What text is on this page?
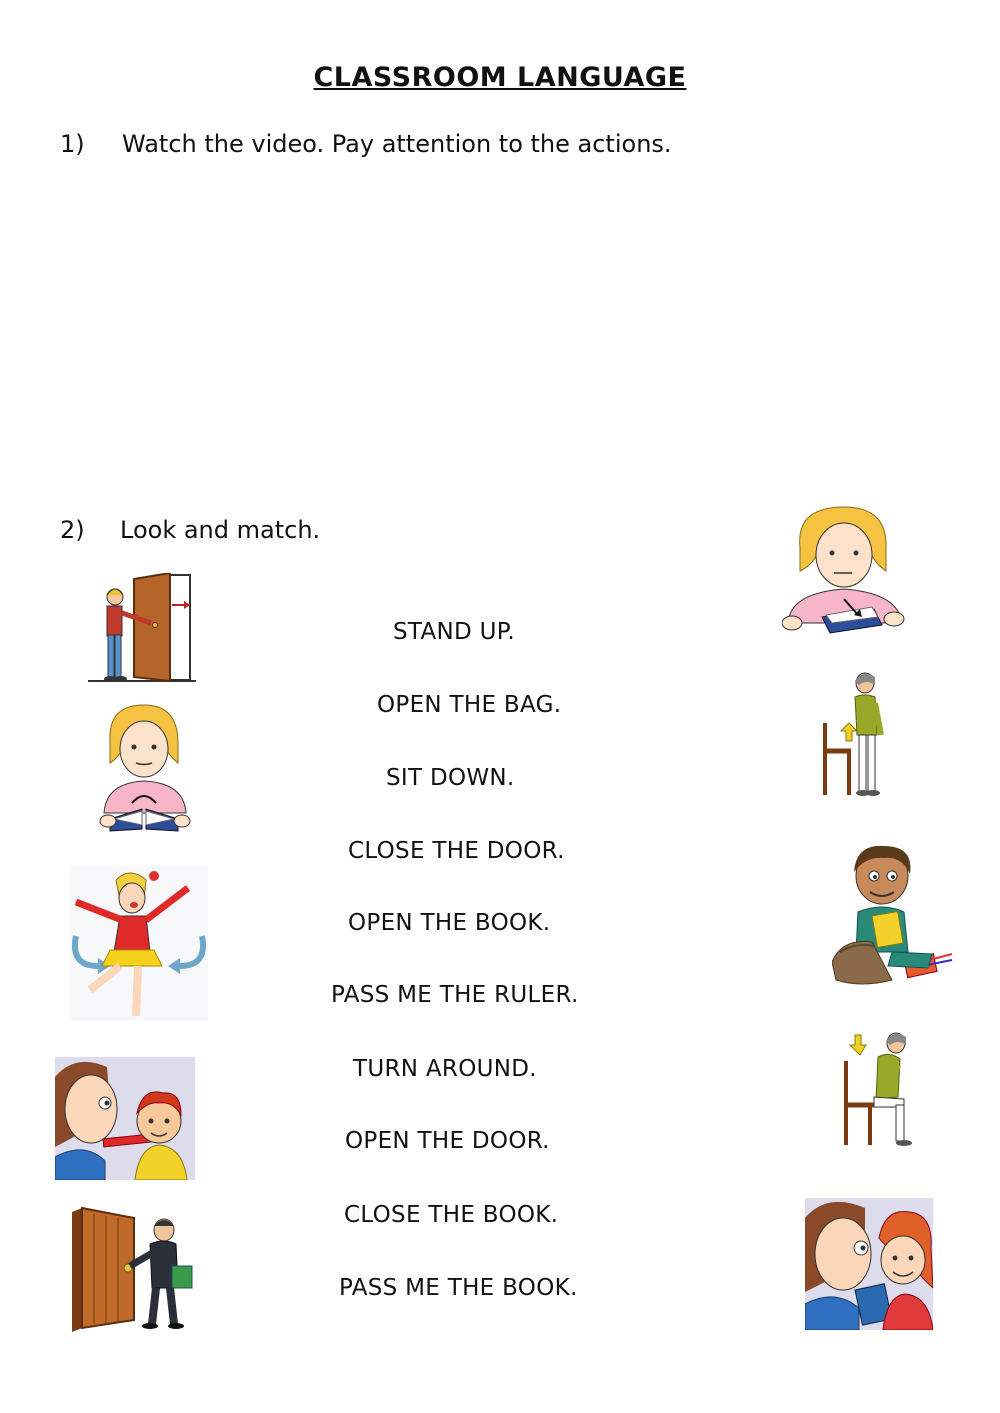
CLASSROOM LANGUAGE
1) Watch the video. Pay attention to the actions.
2) Look and match.
STAND UP.
OPEN THE BAG.
SIT DOWN.
CLOSE THE DOOR.
OPEN THE BOOK.
PASS ME THE RULER.
TURN AROUND.
OPEN THE DOOR.
CLOSE THE BOOK.
PASS ME THE BOOK.
